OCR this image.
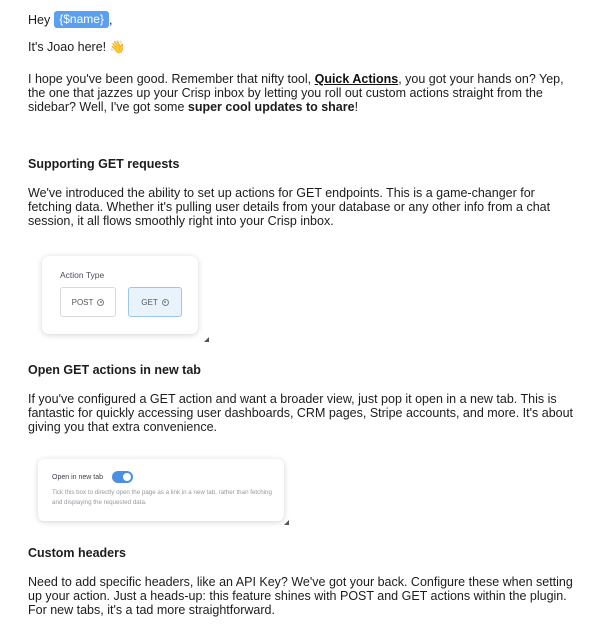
Hey {$name} ,

It's Joao here! 👋

I hope you've been good. Remember that nifty tool, Quick Actions, you got your hands on? Yep, the one that jazzes up your Crisp inbox by letting you roll out custom actions straight from the sidebar? Well, I've got some super cool updates to share!

Supporting GET requests

We've introduced the ability to set up actions for GET endpoints. This is a game-changer for fetching data. Whether it's pulling user details from your database or any other info from a chat session, it all flows smoothly right into your Crisp inbox.

Action Type
POST	GET
Open GET actions in new tab

If you've configured a GET action and want a broader view, just pop it open in a new tab. This is fantastic for quickly accessing user dashboards, CRM pages, Stripe accounts, and more. It's about giving you that extra convenience.

Open in new tab
Tick this box to directly open the page as a link in a new tab, rather than fetching and displaying the requested data.
Custom headers

Need to add specific headers, like an API Key? We've got your back. Configure these when setting up your action. Just a heads-up: this feature shines with POST and GET actions within the plugin. For new tabs, it's a tad more straightforward.
